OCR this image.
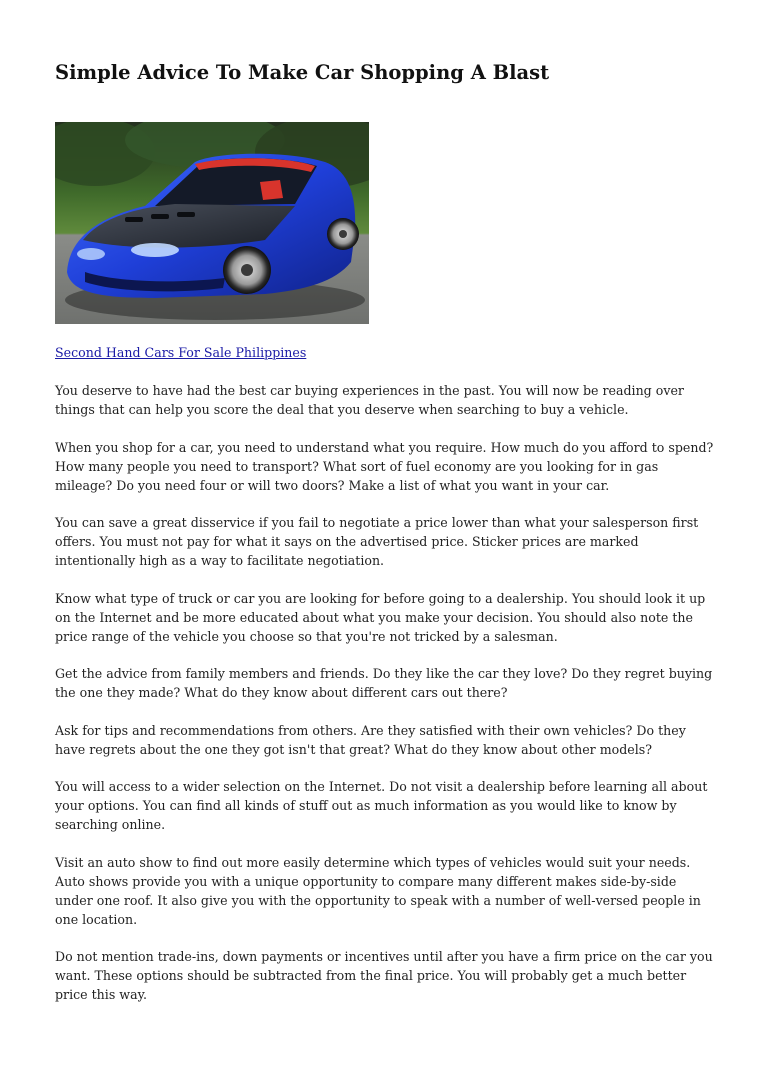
Simple Advice To Make Car Shopping A Blast
Second Hand Cars For Sale Philippines

You deserve to have had the best car buying experiences in the past. You will now be reading over things that can help you score the deal that you deserve when searching to buy a vehicle.

When you shop for a car, you need to understand what you require. How much do you afford to spend? How many people you need to transport? What sort of fuel economy are you looking for in gas mileage? Do you need four or will two doors? Make a list of what you want in your car.

You can save a great disservice if you fail to negotiate a price lower than what your salesperson first offers. You must not pay for what it says on the advertised price. Sticker prices are marked intentionally high as a way to facilitate negotiation.

Know what type of truck or car you are looking for before going to a dealership. You should look it up on the Internet and be more educated about what you make your decision. You should also note the price range of the vehicle you choose so that you're not tricked by a salesman.

Get the advice from family members and friends. Do they like the car they love? Do they regret buying the one they made? What do they know about different cars out there?

Ask for tips and recommendations from others. Are they satisfied with their own vehicles? Do they have regrets about the one they got isn't that great? What do they know about other models?

You will access to a wider selection on the Internet. Do not visit a dealership before learning all about your options. You can find all kinds of stuff out as much information as you would like to know by searching online.

Visit an auto show to find out more easily determine which types of vehicles would suit your needs. Auto shows provide you with a unique opportunity to compare many different makes side-by-side under one roof. It also give you with the opportunity to speak with a number of well-versed people in one location.

Do not mention trade-ins, down payments or incentives until after you have a firm price on the car you want. These options should be subtracted from the final price. You will probably get a much better price this way.
